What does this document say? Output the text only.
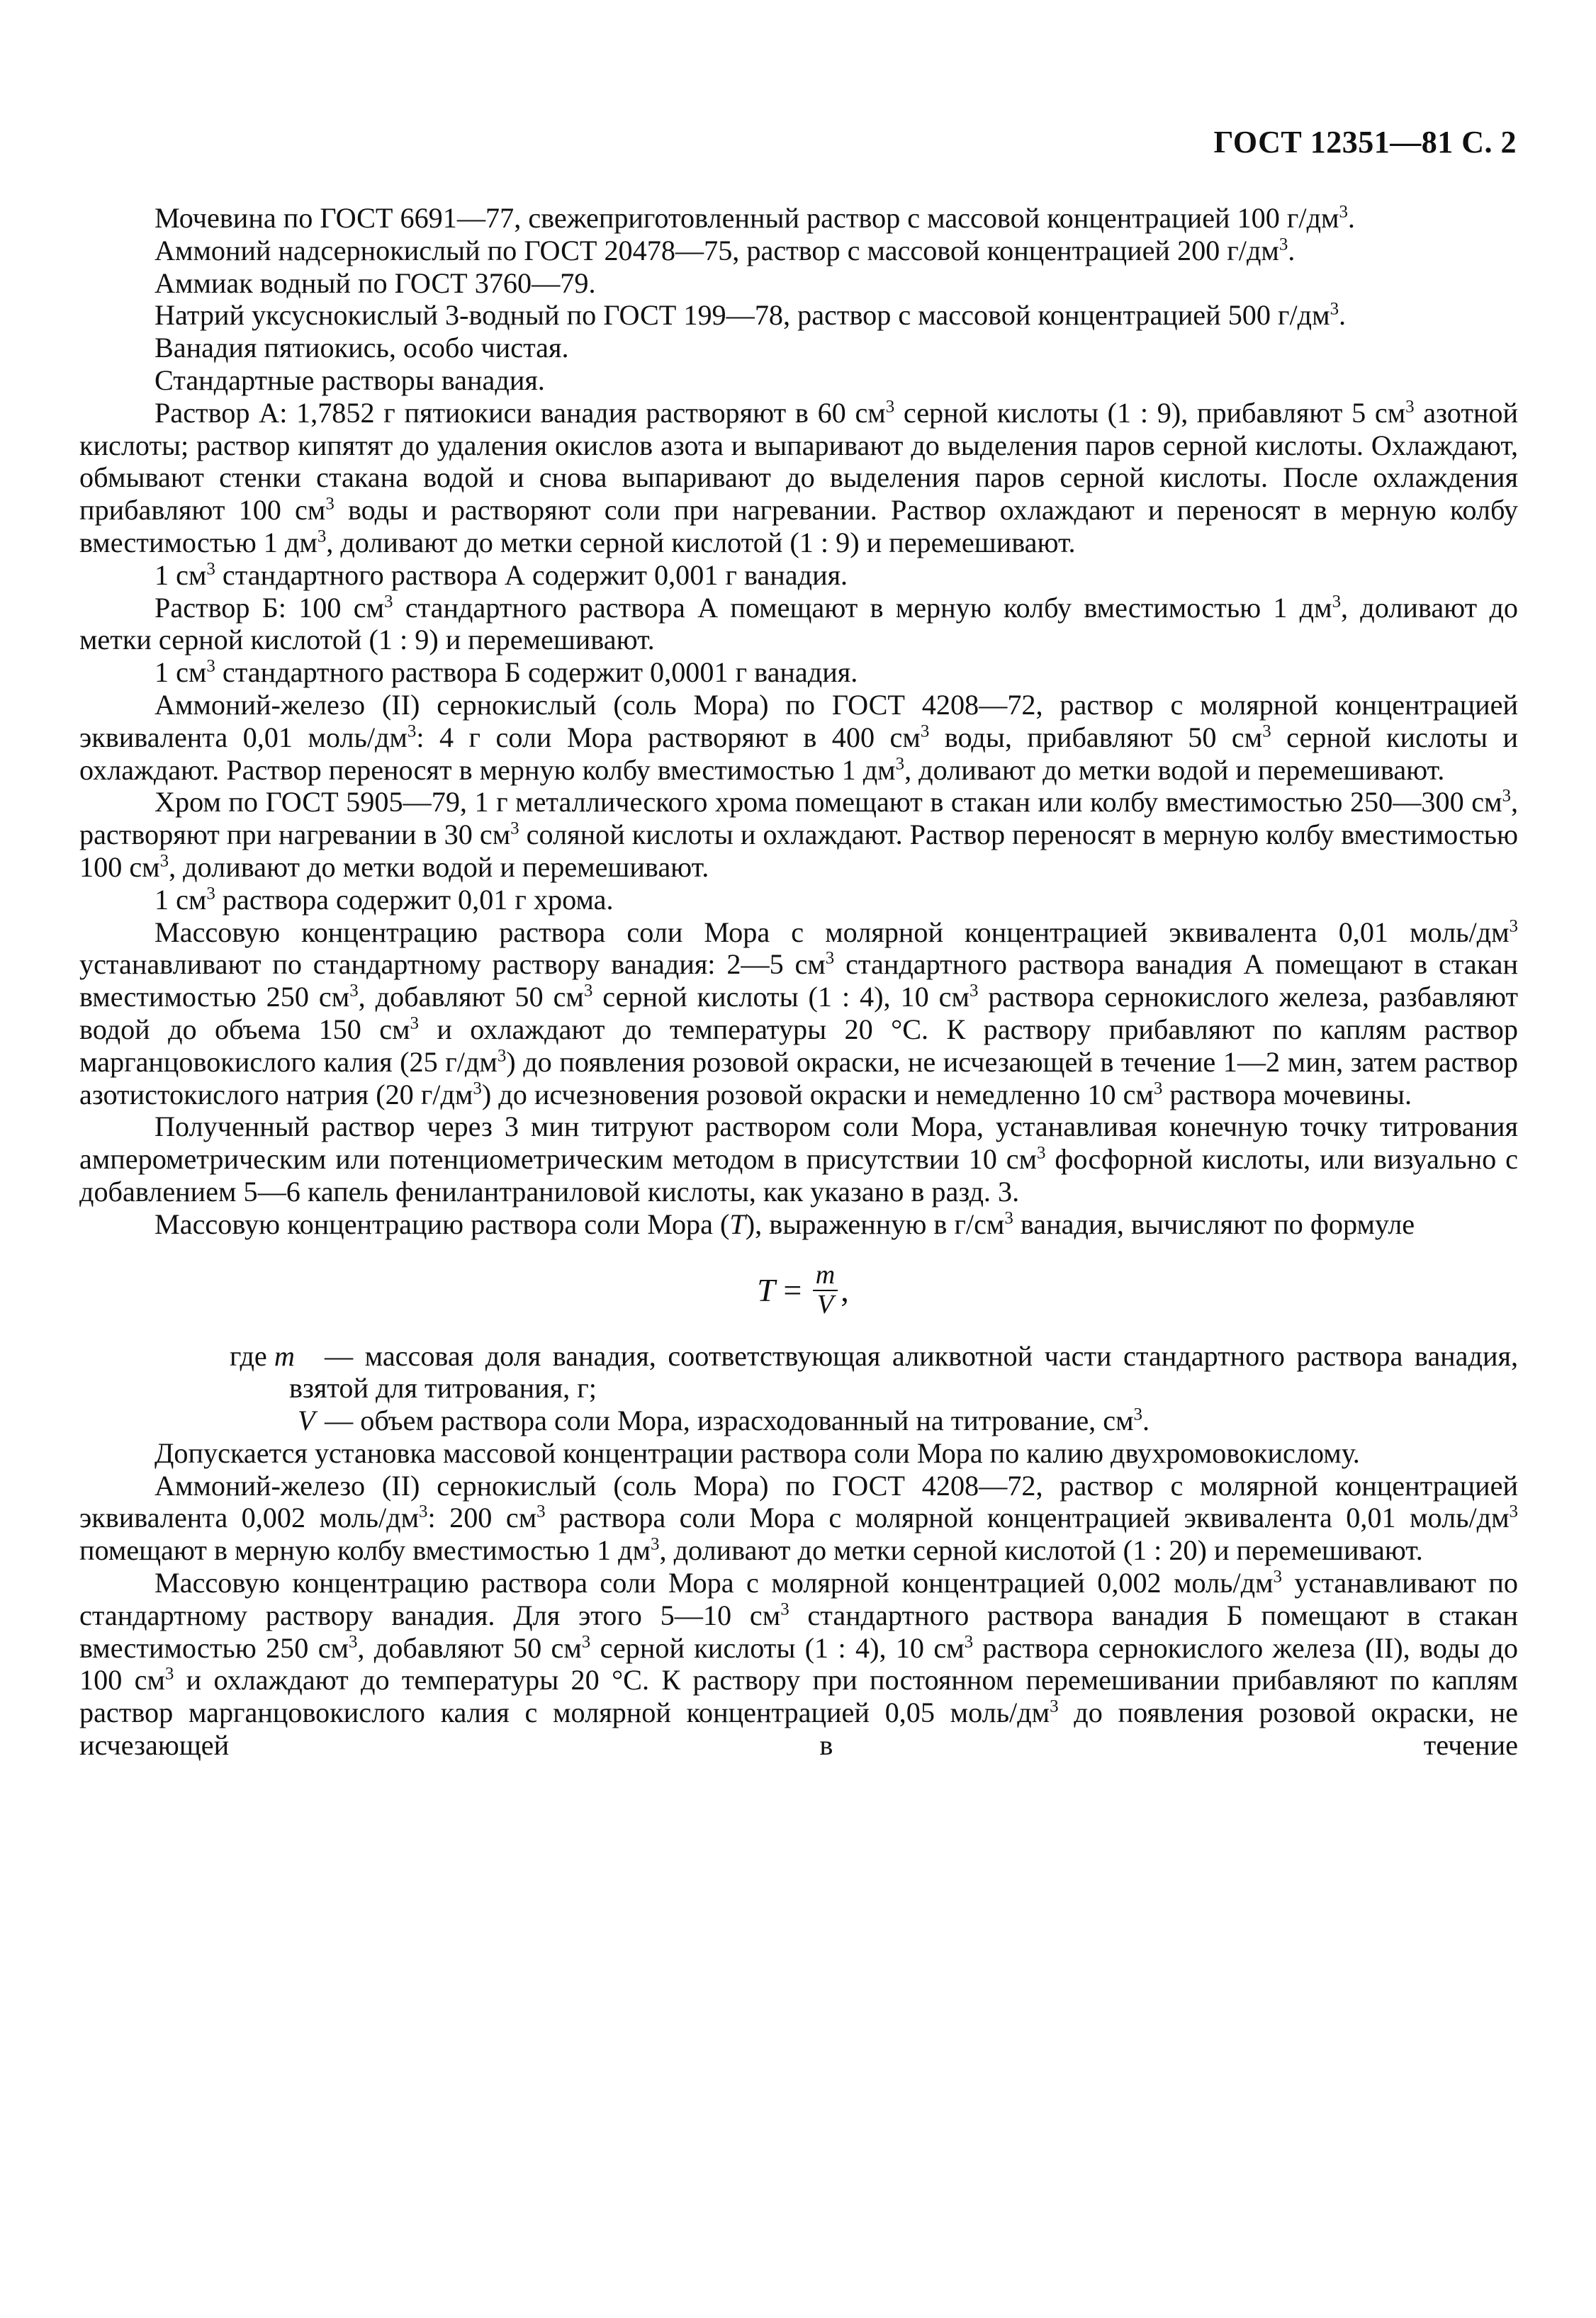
ГОСТ 12351—81 С. 2

Мочевина по ГОСТ 6691—77, свежеприготовленный раствор с массовой концентрацией 100 $г/дм^3$.

Аммоний надсернокислый по ГОСТ 20478—75, раствор с массовой концентрацией 200 $г/дм^3$.

Аммиак водный по ГОСТ 3760—79.

Натрий уксуснокислый 3-водный по ГОСТ 199—78, раствор с массовой концентрацией 500 $г/дм^3$.

Ванадия пятиокись, особо чистая.

Стандартные растворы ванадия.

Раствор А: 1,7852 г пятиокиси ванадия растворяют в 60 $см^3$ серной кислоты (1 : 9), прибавляют 5 $см^3$ азотной кислоты; раствор кипятят до удаления окислов азота и выпаривают до выделения паров серной кислоты. Охлаждают, обмывают стенки стакана водой и снова выпаривают до выделения паров серной кислоты. После охлаждения прибавляют 100 $см^3$ воды и растворяют соли при нагревании. Раствор охлаждают и переносят в мерную колбу вместимостью 1 $дм^3$, доливают до метки серной кислотой (1 : 9) и перемешивают.

1 $см^3$ стандартного раствора А содержит 0,001 г ванадия.

Раствор Б: 100 $см^3$ стандартного раствора А помещают в мерную колбу вместимостью 1 $дм^3$, доливают до метки серной кислотой (1 : 9) и перемешивают.

1 $см^3$ стандартного раствора Б содержит 0,0001 г ванадия.

Аммоний-железо (II) сернокислый (соль Мора) по ГОСТ 4208—72, раствор с молярной концентрацией эквивалента 0,01 моль/$дм^3$: 4 г соли Мора растворяют в 400 $см^3$ воды, прибавляют 50 $см^3$ серной кислоты и охлаждают. Раствор переносят в мерную колбу вместимостью 1 $дм^3$, доливают до метки водой и перемешивают.

Хром по ГОСТ 5905—79, 1 г металлического хрома помещают в стакан или колбу вместимостью 250—300 $см^3$, растворяют при нагревании в 30 $см^3$ соляной кислоты и охлаждают. Раствор переносят в мерную колбу вместимостью 100 $см^3$, доливают до метки водой и перемешивают.

1 $см^3$ раствора содержит 0,01 г хрома.

Массовую концентрацию раствора соли Мора с молярной концентрацией эквивалента 0,01 моль/$дм^3$ устанавливают по стандартному раствору ванадия: 2—5 $см^3$ стандартного раствора ванадия А помещают в стакан вместимостью 250 $см^3$, добавляют 50 $см^3$ серной кислоты (1 : 4), 10 $см^3$ раствора сернокислого железа, разбавляют водой до объема 150 $см^3$ и охлаждают до температуры 20 °С. К раствору прибавляют по каплям раствор марганцовокислого калия (25 $г/дм^3$) до появления розовой окраски, не исчезающей в течение 1—2 мин, затем раствор азотистокислого натрия (20 $г/дм^3$) до исчезновения розовой окраски и немедленно 10 $см^3$ раствора мочевины.

Полученный раствор через 3 мин титруют раствором соли Мора, устанавливая конечную точку титрования амперометрическим или потенциометрическим методом в присутствии 10 $см^3$ фосфорной кислоты, или визуально с добавлением 5—6 капель фенилантраниловой кислоты, как указано в разд. 3.

Массовую концентрацию раствора соли Мора (Т), выраженную в $г/см^3$ ванадия, вычисляют по формуле

$T = \frac{m}{V}$ ,

где m — массовая доля ванадия, соответствующая аликвотной части стандартного раствора ванадия, взятой для титрования, г;

V — объем раствора соли Мора, израсходованный на титрование, $см^3$.

Допускается установка массовой концентрации раствора соли Мора по калию двухромовокислому.

Аммоний-железо (II) сернокислый (соль Мора) по ГОСТ 4208—72, раствор с молярной концентрацией эквивалента 0,002 моль/$дм^3$: 200 $см^3$ раствора соли Мора с молярной концентрацией эквивалента 0,01 моль/$дм^3$ помещают в мерную колбу вместимостью 1 $дм^3$, доливают до метки серной кислотой (1 : 20) и перемешивают.

Массовую концентрацию раствора соли Мора с молярной концентрацией 0,002 моль/$дм^3$ устанавливают по стандартному раствору ванадия. Для этого 5—10 $см^3$ стандартного раствора ванадия Б помещают в стакан вместимостью 250 $см^3$, добавляют 50 $см^3$ серной кислоты (1 : 4), 10 $см^3$ раствора сернокислого железа (II), воды до 100 $см^3$ и охлаждают до температуры 20 °С. К раствору при постоянном перемешивании прибавляют по каплям раствор марганцовокислого калия с молярной концентрацией 0,05 моль/$дм^3$ до появления розовой окраски, не исчезающей в течение
